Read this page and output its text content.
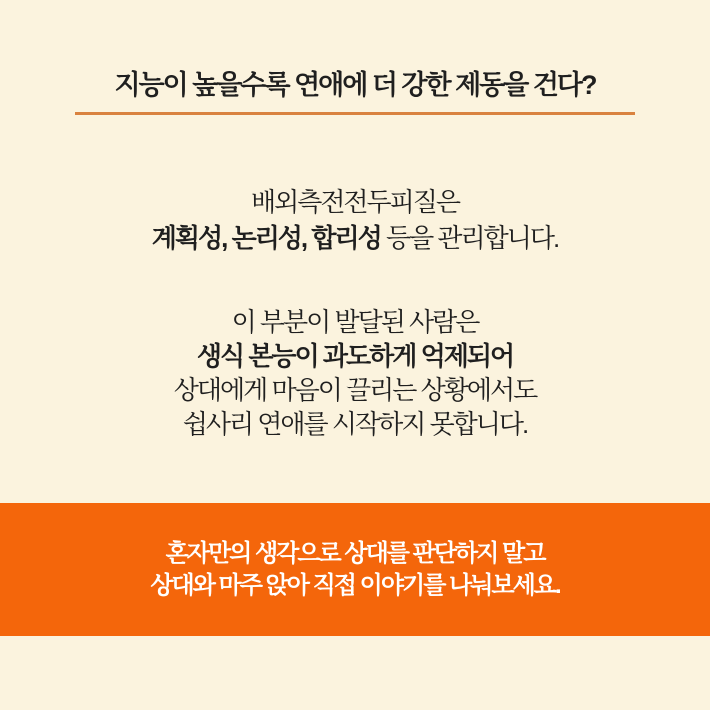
지능이 높을수록 연애에 더 강한 제동을 건다?
배외측전전두피질은
계획성, 논리성, 합리성 등을 관리합니다.
이 부분이 발달된 사람은
생식 본능이 과도하게 억제되어
상대에게 마음이 끌리는 상황에서도
쉽사리 연애를 시작하지 못합니다.
혼자만의 생각으로 상대를 판단하지 말고
상대와 마주 앉아 직접 이야기를 나눠보세요.
